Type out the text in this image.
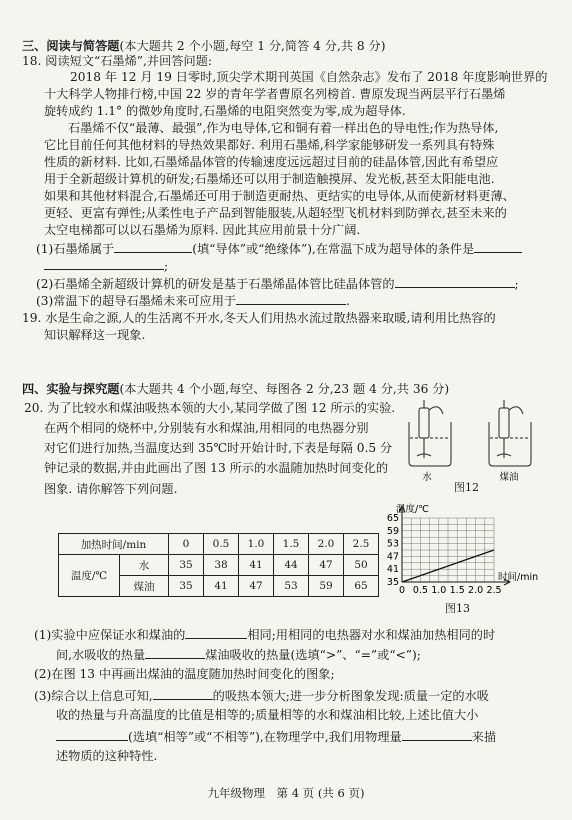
三、阅读与简答题(本大题共 2 个小题,每空 1 分,简答 4 分,共 8 分)
18. 阅读短文“石墨烯”,并回答问题:
2018 年 12 月 19 日零时,顶尖学术期刊英国《自然杂志》发布了 2018 年度影响世界的
十大科学人物排行榜,中国 22 岁的青年学者曹原名列榜首. 曹原发现当两层平行石墨烯
旋转成约 1.1° 的微妙角度时,石墨烯的电阻突然变为零,成为超导体.
石墨烯不仅“最薄、最强”,作为电导体,它和铜有着一样出色的导电性;作为热导体,
它比目前任何其他材料的导热效果都好. 利用石墨烯,科学家能够研发一系列具有特殊
性质的新材料. 比如,石墨烯晶体管的传输速度远远超过目前的硅晶体管,因此有希望应
用于全新超级计算机的研发;石墨烯还可以用于制造触摸屏、发光板,甚至太阳能电池.
如果和其他材料混合,石墨烯还可用于制造更耐热、更结实的电导体,从而使新材料更薄、
更轻、更富有弹性;从柔性电子产品到智能服装,从超轻型飞机材料到防弹衣,甚至未来的
太空电梯都可以以石墨烯为原料. 因此其应用前景十分广阔.
(1)石墨烯属于	(填“导体”或“绝缘体”),在常温下成为超导体的条件是
;
(2)石墨烯全新超级计算机的研发是基于石墨烯晶体管比硅晶体管的	;
(3)常温下的超导石墨烯未来可应用于	.
19. 水是生命之源,人的生活离不开水,冬天人们用热水流过散热器来取暖,请利用比热容的
知识解释这一现象.
四、实验与探究题(本大题共 4 个小题,每空、每图各 2 分,23 题 4 分,共 36 分)
20. 为了比较水和煤油吸热本领的大小,某同学做了图 12 所示的实验.
在两个相同的烧杯中,分别装有水和煤油,用相同的电热器分别
对它们进行加热,当温度达到 35℃时开始计时,下表是每隔 0.5 分
钟记录的数据,并由此画出了图 13 所示的水温随加热时间变化的
图象. 请你解答下列问题.
水	煤油
图12
加热时间/min		0	0.5	1.0	1.5	2.0	2.5
温度/℃	水	35	38	41	44	47	50
	煤油	35	41	47	53	59	65
65
59
53
47
41
35
0 0.5 1.0 1.5 2.0 2.5
温度/℃
时间/min
图13
(1)实验中应保证水和煤油的	相同;用相同的电热器对水和煤油加热相同的时
间,水吸收的热量	煤油吸收的热量(选填“>”、“=”或“<”);
(2)在图 13 中再画出煤油的温度随加热时间变化的图象;
(3)综合以上信息可知,	的吸热本领大;进一步分析图象发现:质量一定的水吸
收的热量与升高温度的比值是相等的;质量相等的水和煤油相比较,上述比值大小
(选填“相等”或“不相等”),在物理学中,我们用物理量	来描
述物质的这种特性.
九年级物理　第 4 页 (共 6 页)
